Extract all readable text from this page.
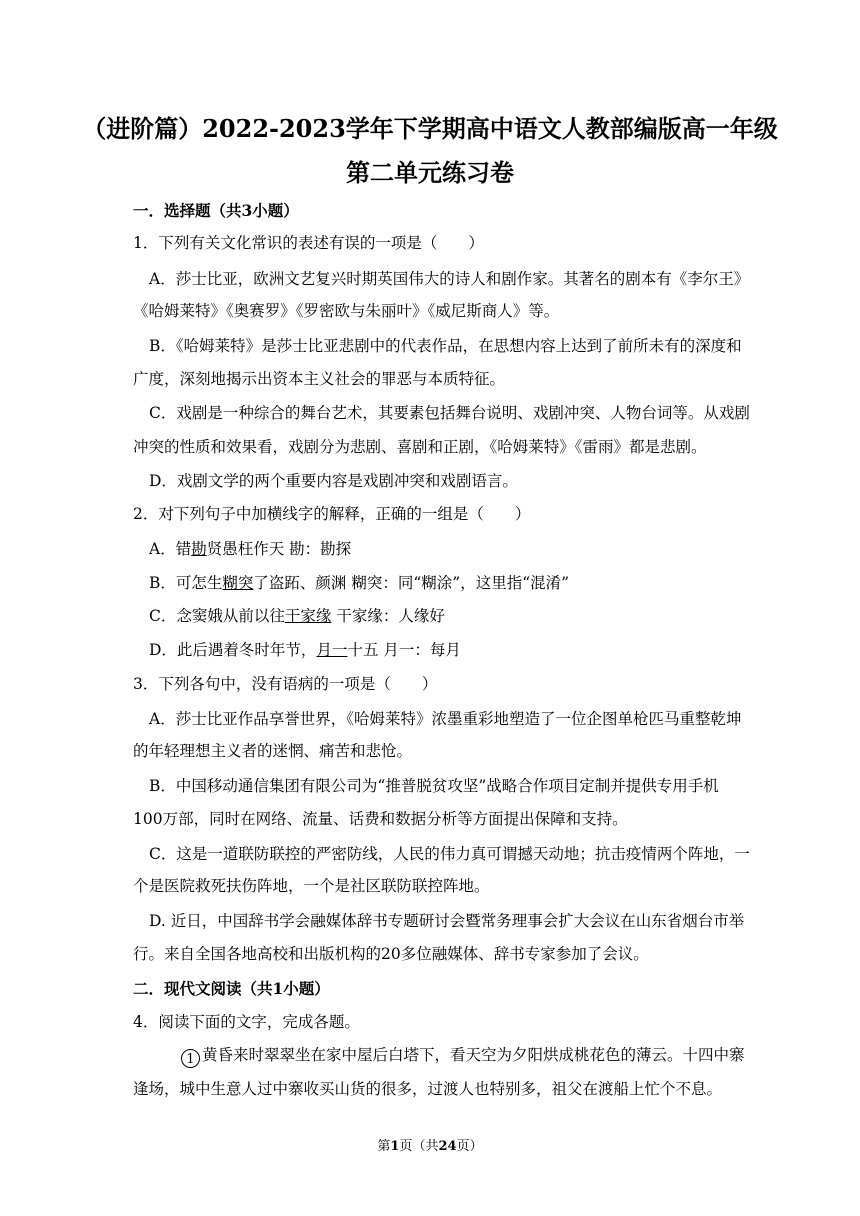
（进阶篇）2022-2023学年下学期高中语文人教部编版高一年级
第二单元练习卷
一．选择题（共3小题）
1．下列有关文化常识的表述有误的一项是（　　）
A．莎士比亚，欧洲文艺复兴时期英国伟大的诗人和剧作家。其著名的剧本有《李尔王》
《哈姆莱特》《奥赛罗》《罗密欧与朱丽叶》《威尼斯商人》等。
B．《哈姆莱特》是莎士比亚悲剧中的代表作品，在思想内容上达到了前所未有的深度和
广度，深刻地揭示出资本主义社会的罪恶与本质特征。
C．戏剧是一种综合的舞台艺术，其要素包括舞台说明、戏剧冲突、人物台词等。从戏剧
冲突的性质和效果看，戏剧分为悲剧、喜剧和正剧，《哈姆莱特》《雷雨》都是悲剧。
D．戏剧文学的两个重要内容是戏剧冲突和戏剧语言。
2．对下列句子中加横线字的解释，正确的一组是（　　）
A．错勘贤愚枉作天 勘：勘探
B．可怎生糊突了盗跖、颜渊 糊突：同“糊涂”，这里指“混淆”
C．念窦娥从前以往干家缘 干家缘：人缘好
D．此后遇着冬时年节，月一十五 月一：每月
3．下列各句中，没有语病的一项是（　　）
A．莎士比亚作品享誉世界，《哈姆莱特》浓墨重彩地塑造了一位企图单枪匹马重整乾坤
的年轻理想主义者的迷惘、痛苦和悲怆。
B．中国移动通信集团有限公司为“推普脱贫攻坚”战略合作项目定制并提供专用手机
100万部，同时在网络、流量、话费和数据分析等方面提出保障和支持。
C．这是一道联防联控的严密防线，人民的伟力真可谓撼天动地；抗击疫情两个阵地，一
个是医院救死扶伤阵地，一个是社区联防联控阵地。
D. 近日，中国辞书学会融媒体辞书专题研讨会暨常务理事会扩大会议在山东省烟台市举
行。来自全国各地高校和出版机构的20多位融媒体、辞书专家参加了会议。
二．现代文阅读（共1小题）
4．阅读下面的文字，完成各题。
1 黄昏来时翠翠坐在家中屋后白塔下，看天空为夕阳烘成桃花色的薄云。十四中寨
逢场，城中生意人过中寨收买山货的很多，过渡人也特别多，祖父在渡船上忙个不息。
第1页（共24页）
